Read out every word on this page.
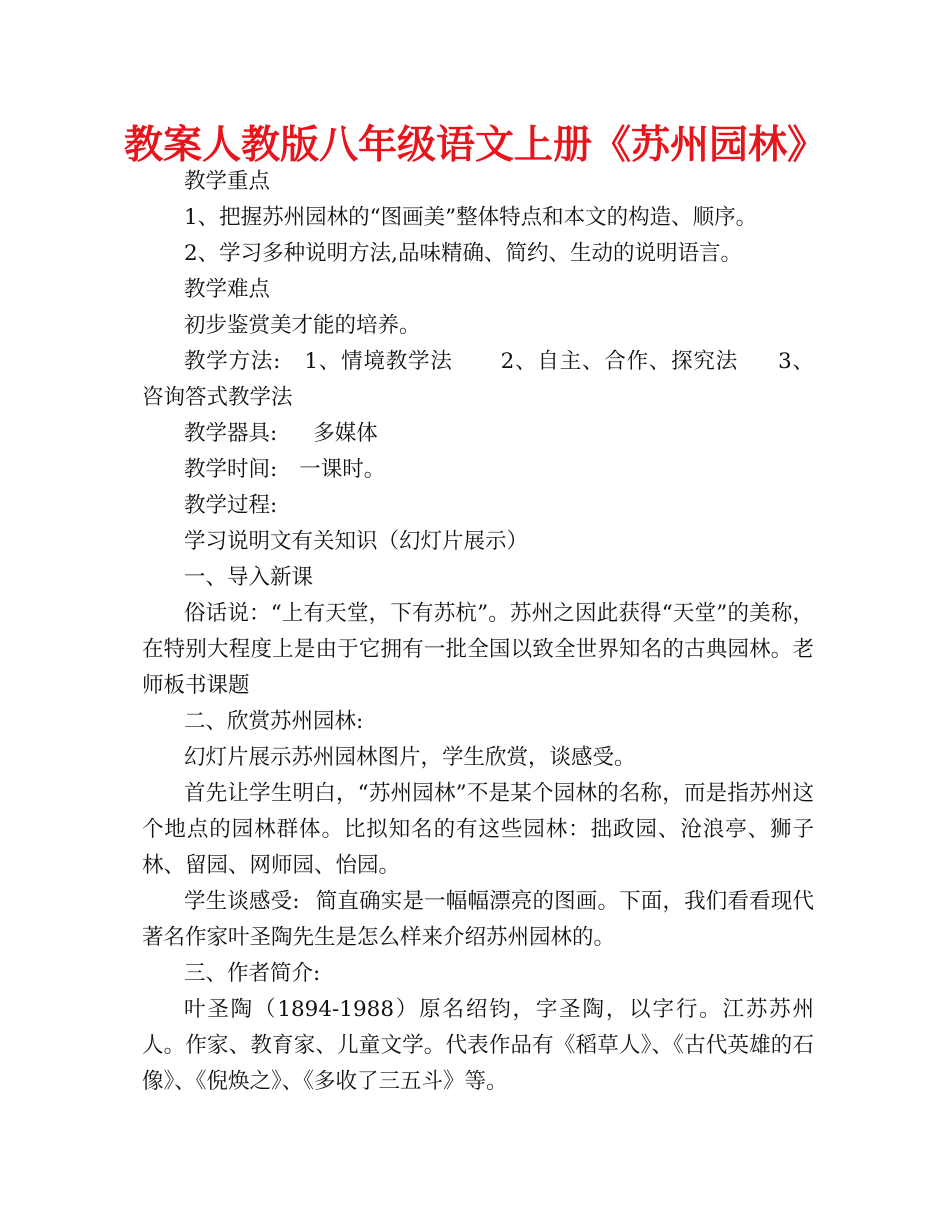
教案人教版八年级语文上册《苏州园林》

教学重点

1、把握苏州园林的“图画美”整体特点和本文的构造、顺序。

2、学习多种说明方法,品味精确、简约、生动的说明语言。

教学难点

初步鉴赏美才能的培养。

教学方法: 1、情境教学法 2、自主、合作、探究法 3、咨询答式教学法

教学器具: 多媒体

教学时间: 一课时。

教学过程:

学习说明文有关知识（幻灯片展示）

一、导入新课

俗话说：“上有天堂，下有苏杭”。苏州之因此获得“天堂”的美称，在特别大程度上是由于它拥有一批全国以致全世界知名的古典园林。老师板书课题

二、欣赏苏州园林:

幻灯片展示苏州园林图片，学生欣赏，谈感受。

首先让学生明白，“苏州园林”不是某个园林的名称，而是指苏州这个地点的园林群体。比拟知名的有这些园林：拙政园、沧浪亭、狮子林、留园、网师园、怡园。

学生谈感受: 简直确实是一幅幅漂亮的图画。下面，我们看看现代著名作家叶圣陶先生是怎么样来介绍苏州园林的。

三、作者简介:

叶圣陶（1894-1988）原名绍钧，字圣陶，以字行。江苏苏州人。作家、教育家、儿童文学。代表作品有《稻草人》、《古代英雄的石像》、《倪焕之》、《多收了三五斗》等。
